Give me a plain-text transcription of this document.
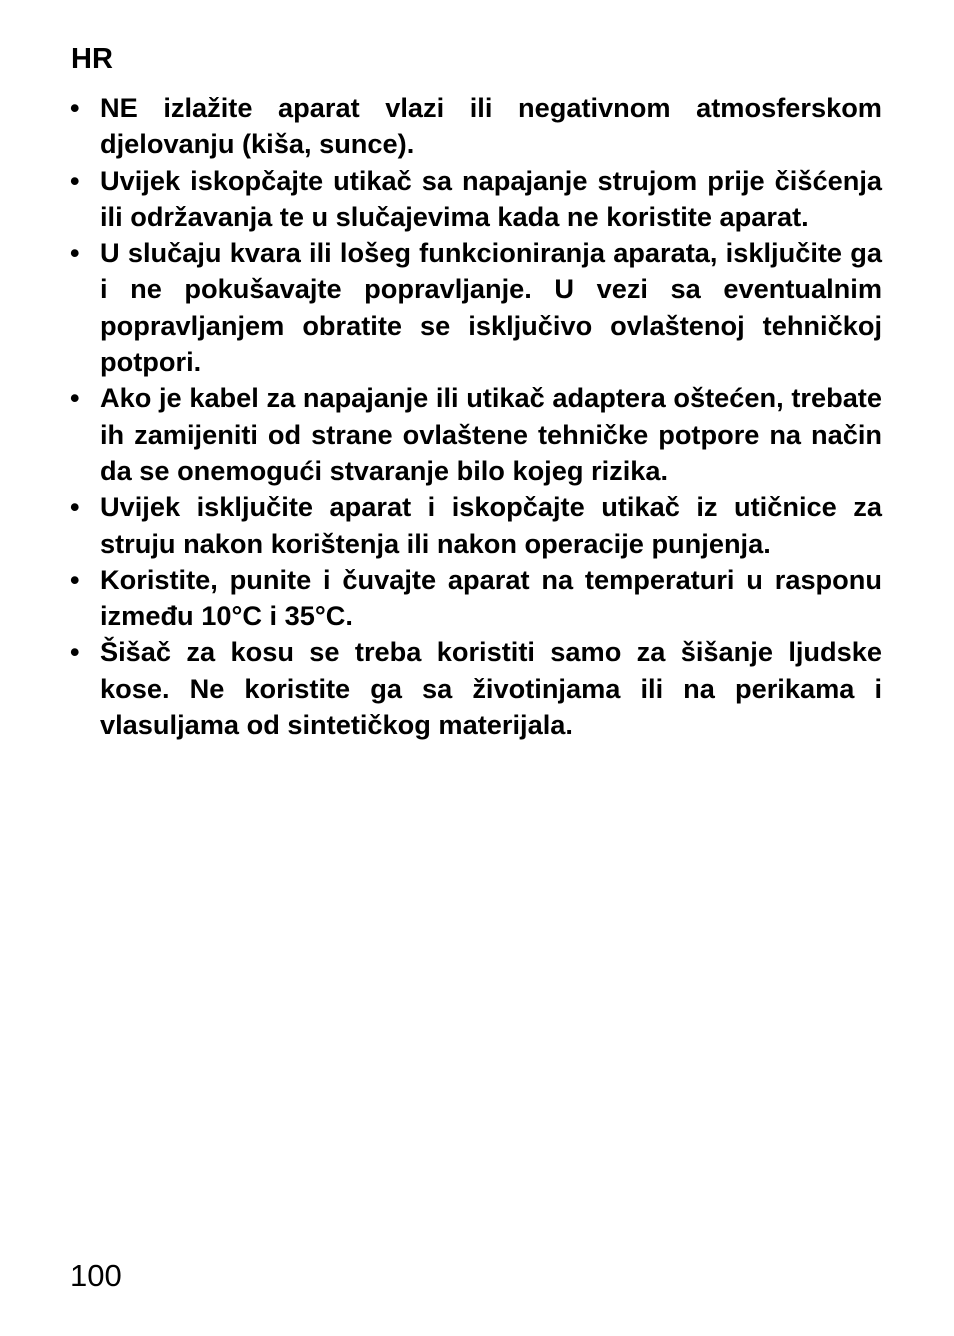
HR
• NE izlažite aparat vlazi ili negativnom atmosferskom djelovanju (kiša, sunce).
• Uvijek iskopčajte utikač sa napajanje strujom prije čišćenja ili održavanja te u slučajevima kada ne koristite aparat.
• U slučaju kvara ili lošeg funkcioniranja aparata, isključite ga i ne pokušavajte popravljanje. U vezi sa eventualnim popravljanjem obratite se isključivo ovlaštenoj tehničkoj potpori.
• Ako je kabel za napajanje ili utikač adaptera oštećen, trebate ih zamijeniti od strane ovlaštene tehničke potpore na način da se onemogući stvaranje bilo kojeg rizika.
• Uvijek isključite aparat i iskopčajte utikač iz utičnice za struju nakon korištenja ili nakon operacije punjenja.
• Koristite, punite i čuvajte aparat na temperaturi u rasponu između 10°C i 35°C.
• Šišač za kosu se treba koristiti samo za šišanje ljudske kose. Ne koristite ga sa životinjama ili na perikama i vlasuljama od sintetičkog materijala.

100
